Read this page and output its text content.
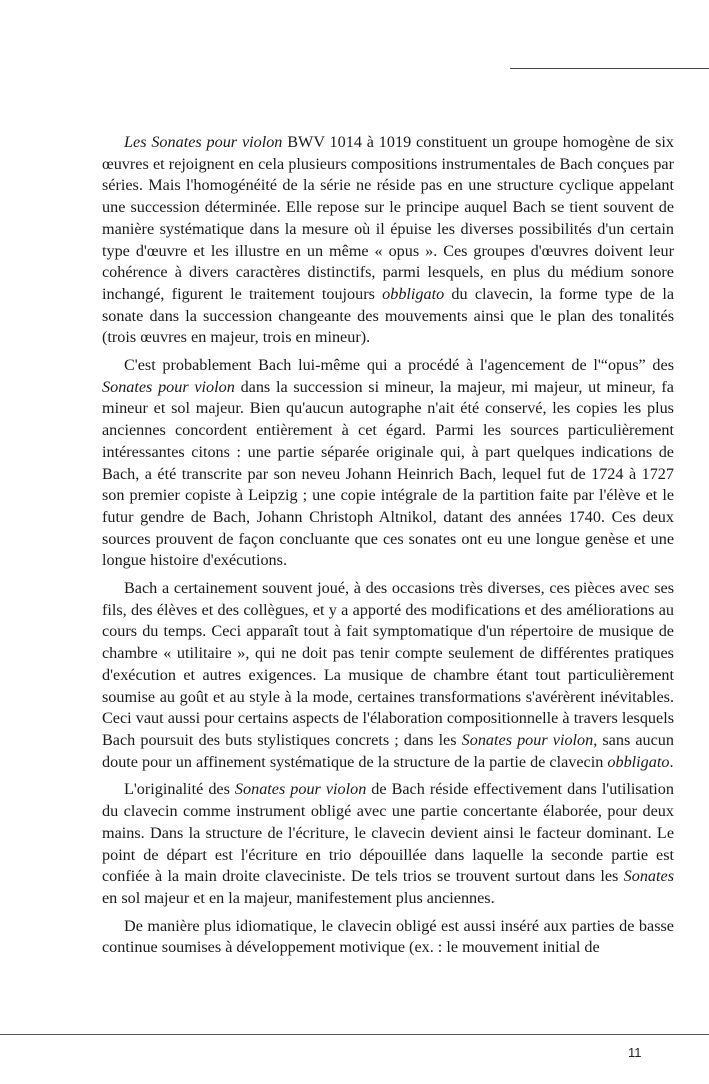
Les Sonates pour violon BWV 1014 à 1019 constituent un groupe homogène de six œuvres et rejoignent en cela plusieurs compositions instrumentales de Bach conçues par séries. Mais l'homogénéité de la série ne réside pas en une structure cyclique appelant une succession déterminée. Elle repose sur le principe auquel Bach se tient souvent de manière systématique dans la mesure où il épuise les diverses possibilités d'un certain type d'œuvre et les illustre en un même « opus ». Ces groupes d'œuvres doivent leur cohérence à divers caractères distinctifs, parmi lesquels, en plus du médium sonore inchangé, figurent le traitement toujours obbligato du clavecin, la forme type de la sonate dans la succession changeante des mouvements ainsi que le plan des tonalités (trois œuvres en majeur, trois en mineur).

C'est probablement Bach lui-même qui a procédé à l'agencement de l'“opus” des Sonates pour violon dans la succession si mineur, la majeur, mi majeur, ut mineur, fa mineur et sol majeur. Bien qu'aucun autographe n'ait été conservé, les copies les plus anciennes concordent entièrement à cet égard. Parmi les sources particulièrement intéressantes citons : une partie séparée originale qui, à part quelques indications de Bach, a été transcrite par son neveu Johann Heinrich Bach, lequel fut de 1724 à 1727 son premier copiste à Leipzig ; une copie intégrale de la partition faite par l'élève et le futur gendre de Bach, Johann Christoph Altnikol, datant des années 1740. Ces deux sources prouvent de façon concluante que ces sonates ont eu une longue genèse et une longue histoire d'exécutions.

Bach a certainement souvent joué, à des occasions très diverses, ces pièces avec ses fils, des élèves et des collègues, et y a apporté des modifications et des améliorations au cours du temps. Ceci apparaît tout à fait symptomatique d'un répertoire de musique de chambre « utilitaire », qui ne doit pas tenir compte seulement de différentes pratiques d'exécution et autres exigences. La musique de chambre étant tout particulièrement soumise au goût et au style à la mode, certaines transformations s'avérèrent inévitables. Ceci vaut aussi pour certains aspects de l'élaboration compositionnelle à travers lesquels Bach poursuit des buts stylistiques concrets ; dans les Sonates pour violon, sans aucun doute pour un affinement systématique de la structure de la partie de clavecin obbligato.

L'originalité des Sonates pour violon de Bach réside effectivement dans l'utilisation du clavecin comme instrument obligé avec une partie concertante élaborée, pour deux mains. Dans la structure de l'écriture, le clavecin devient ainsi le facteur dominant. Le point de départ est l'écriture en trio dépouillée dans laquelle la seconde partie est confiée à la main droite claveciniste. De tels trios se trouvent surtout dans les Sonates en sol majeur et en la majeur, manifestement plus anciennes.

De manière plus idiomatique, le clavecin obligé est aussi inséré aux parties de basse continue soumises à développement motivique (ex. : le mouvement initial de

11
